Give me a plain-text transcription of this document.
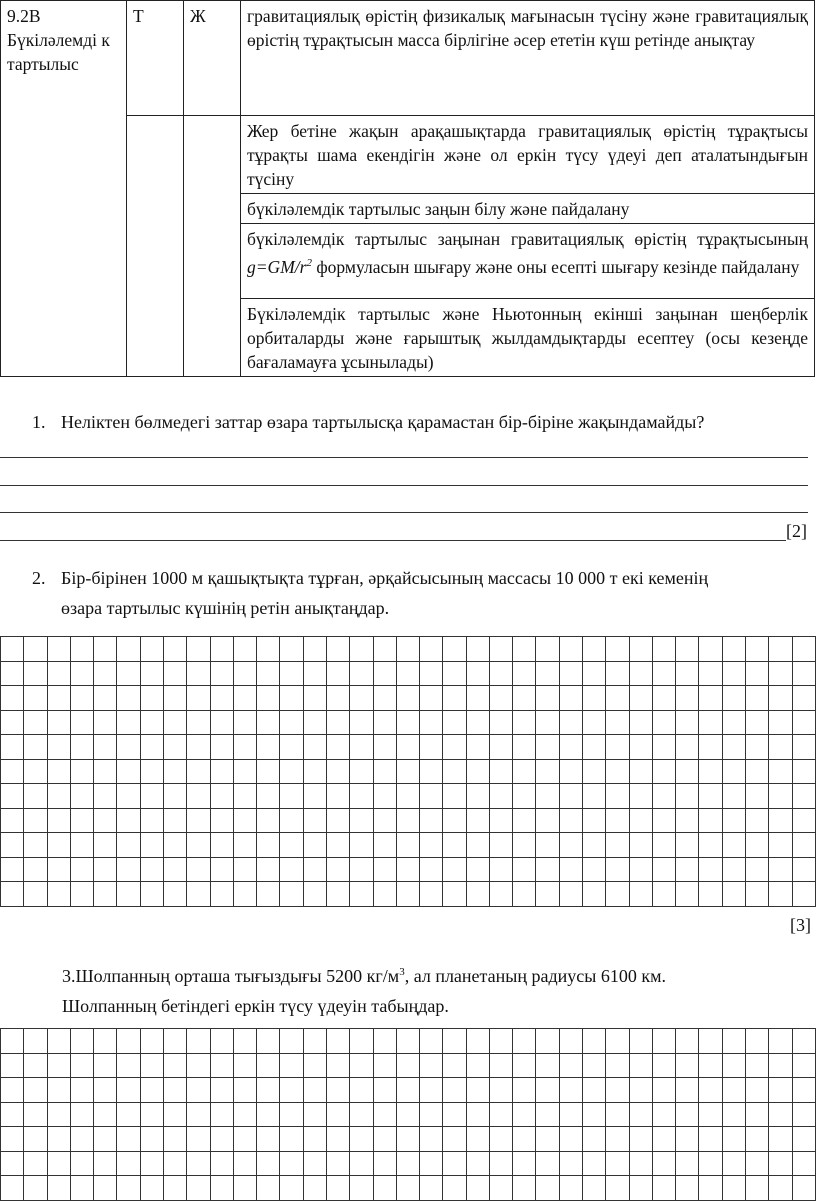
9.2В Бүкіләлемді к тартылыс	Т	Ж	гравитациялық өрістің физикалық мағынасын түсіну және гравитациялық өрістің тұрақтысын масса бірлігіне әсер ететін күш ретінде анықтау
			Жер бетіне жақын арақашықтарда гравитациялық өрістің тұрақтысы тұрақты шама екендігін және ол еркін түсу үдеуі деп аталатындығын түсіну
			бүкіләлемдік тартылыс заңын білу және пайдалану
			бүкіләлемдік тартылыс заңынан гравитациялық өрістің тұрақтысының $g=GM/r^2$ формуласын шығару және оны есепті шығару кезінде пайдалану
			Бүкіләлемдік тартылыс және Ньютонның екінші заңынан шеңберлік орбиталарды және ғарыштық жылдамдықтарды есептеу (осы кезеңде бағаламауға ұсынылады)
1. Неліктен бөлмедегі заттар өзара тартылысқа қарамастан бір-біріне жақындамайды?
[2]
2. Бір-бірінен 1000 м қашықтықта тұрған, әрқайсысының массасы 10 000 т екі кеменің
өзара тартылыс күшінің ретін анықтаңдар.

[3]
3.Шолпанның орташа тығыздығы 5200 $кг/м^3$, ал планетаның радиусы 6100 км.
Шолпанның бетіндегі еркін түсу үдеуін табыңдар.
